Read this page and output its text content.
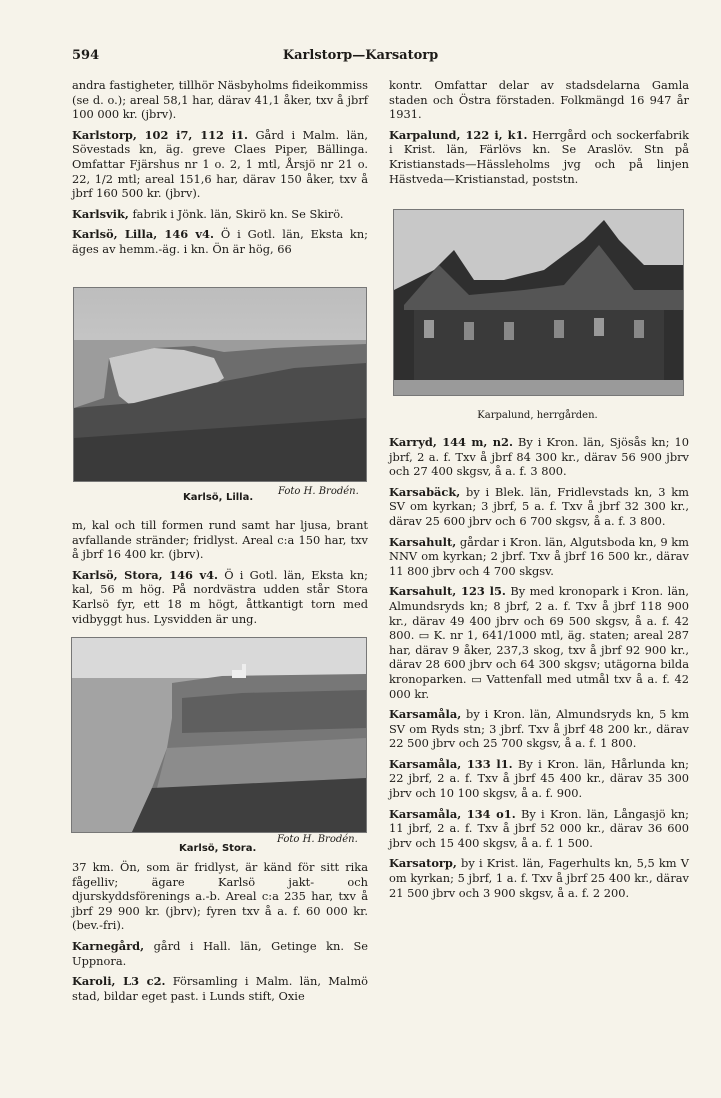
594	Karlstorp—Karsatorp

andra fastigheter, tillhör Näsbyholms fideikommiss (se d. o.); areal 58,1 har, därav 41,1 åker, txv å jbrf 100 000 kr. (jbrv).

Karlstorp, 102 i7, 112 i1. Gård i Malm. län, Sövestads kn, äg. greve Claes Piper, Bällinga. Omfattar Fjärshus nr 1 o. 2, 1 mtl, Årsjö nr 21 o. 22, 1/2 mtl; areal 151,6 har, därav 150 åker, txv å jbrf 160 500 kr. (jbrv).

Karlsvik, fabrik i Jönk. län, Skirö kn. Se Skirö.

Karlsö, Lilla, 146 v4. Ö i Gotl. län, Eksta kn; äges av hemm.-äg. i kn. Ön är hög, 66

Karlsö, Lilla.
Foto H. Brodén.

m, kal och till formen rund samt har ljusa, brant avfallande stränder; fridlyst. Areal c:a 150 har, txv å jbrf 16 400 kr. (jbrv).

Karlsö, Stora, 146 v4. Ö i Gotl. län, Eksta kn; kal, 56 m hög. På nordvästra udden står Stora Karlsö fyr, ett 18 m högt, åttkantigt torn med vidbyggt hus. Lysvidden är ung.

Karlsö, Stora.
Foto H. Brodén.

37 km. Ön, som är fridlyst, är känd för sitt rika fågelliv; ägare Karlsö jakt- och djurskyddsförenings a.-b. Areal c:a 235 har, txv å jbrf 29 900 kr. (jbrv); fyren txv å a. f. 60 000 kr. (bev.-fri).

Karnegård, gård i Hall. län, Getinge kn. Se Uppnora.

Karoli, L3 c2. Församling i Malm. län, Malmö stad, bildar eget past. i Lunds stift, Oxie

kontr. Omfattar delar av stadsdelarna Gamla staden och Östra förstaden. Folkmängd 16 947 år 1931.

Karpalund, 122 i, k1. Herrgård och sockerfabrik i Krist. län, Färlövs kn. Se Araslöv. Stn på Kristianstads—Hässleholms jvg och på linjen Hästveda—Kristianstad, poststn.

Karpalund, herrgården.

Karryd, 144 m, n2. By i Kron. län, Sjösås kn; 10 jbrf, 2 a. f. Txv å jbrf 84 300 kr., därav 56 900 jbrv och 27 400 skgsv, å a. f. 3 800.

Karsabäck, by i Blek. län, Fridlevstads kn, 3 km SV om kyrkan; 3 jbrf, 5 a. f. Txv å jbrf 32 300 kr., därav 25 600 jbrv och 6 700 skgsv, å a. f. 3 800.

Karsahult, gårdar i Kron. län, Algutsboda kn, 9 km NNV om kyrkan; 2 jbrf. Txv å jbrf 16 500 kr., därav 11 800 jbrv och 4 700 skgsv.

Karsahult, 123 l5. By med kronopark i Kron. län, Almundsryds kn; 8 jbrf, 2 a. f. Txv å jbrf 118 900 kr., därav 49 400 jbrv och 69 500 skgsv, å a. f. 42 800. ▭ K. nr 1, 641/1000 mtl, äg. staten; areal 287 har, därav 9 åker, 237,3 skog, txv å jbrf 92 900 kr., därav 28 600 jbrv och 64 300 skgsv; utägorna bilda kronoparken. ▭ Vattenfall med utmål txv å a. f. 42 000 kr.

Karsamåla, by i Kron. län, Almundsryds kn, 5 km SV om Ryds stn; 3 jbrf. Txv å jbrf 48 200 kr., därav 22 500 jbrv och 25 700 skgsv, å a. f. 1 800.

Karsamåla, 133 l1. By i Kron. län, Hårlunda kn; 22 jbrf, 2 a. f. Txv å jbrf 45 400 kr., därav 35 300 jbrv och 10 100 skgsv, å a. f. 900.

Karsamåla, 134 o1. By i Kron. län, Långasjö kn; 11 jbrf, 2 a. f. Txv å jbrf 52 000 kr., därav 36 600 jbrv och 15 400 skgsv, å a. f. 1 500.

Karsatorp, by i Krist. län, Fagerhults kn, 5,5 km V om kyrkan; 5 jbrf, 1 a. f. Txv å jbrf 25 400 kr., därav 21 500 jbrv och 3 900 skgsv, å a. f. 2 200.
